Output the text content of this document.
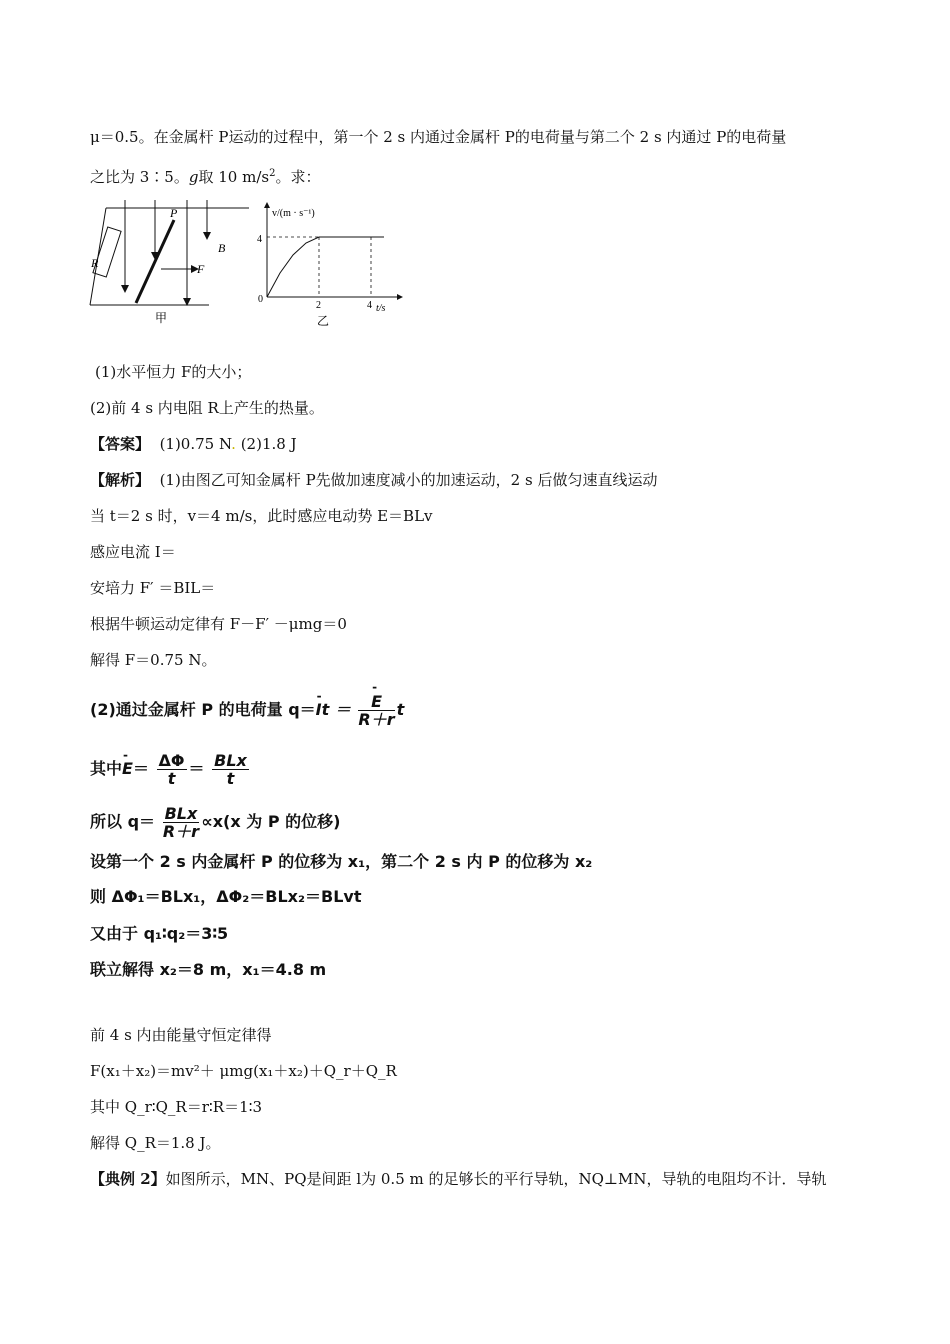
μ＝0.5。在金属杆 P运动的过程中，第一个 2 s 内通过金属杆 P的电荷量与第二个 2 s 内通过 P的电荷量
之比为 3∶5。g取 10 $m/s^2$。求：
P
B
R	F
甲
v/(m · s⁻¹)
t/s
4
0
2	4
乙
(1)水平恒力 F的大小；
(2)前 4 s 内电阻 R上产生的热量。
【答案】 (1)0.75 N. (2)1.8 J
【解析】 (1)由图乙可知金属杆 P先做加速度减小的加速运动，2 s 后做匀速直线运动
当 t＝2 s 时，v＝4 m/s，此时感应电动势 E＝BLv
感应电流 I＝
安培力 F′ ＝BIL＝
根据牛顿运动定律有 F－F′ －μmg＝0
解得 F＝0.75 N。
(2)通过金属杆 P 的电荷量 q＝- It ＝
- $\frac{E}{R+r}$ t
其中- $E= \frac{\Delta\Phi}{t} = \frac{\text{BLx}}{t}$
所以 $q= \frac{\text{BLx}}{R+r} \propto x(x$ 为 P 的位移)
设第一个 2 s 内金属杆 P 的位移为 x₁，第二个 2 s 内 P 的位移为 x₂
则 ΔΦ₁＝BLx₁，ΔΦ₂＝BLx₂＝BLvt
又由于 q₁∶q₂＝3∶5
联立解得 x₂＝8 m，x₁＝4.8 m
前 4 s 内由能量守恒定律得
F(x₁＋x₂)＝mv²＋ μmg(x₁＋x₂)＋Q_r＋Q_R
其中 Q_r∶Q_R＝r∶R＝1∶3
解得 Q_R＝1.8 J。
【典例 2】如图所示，MN、PQ是间距 l为 0.5 m 的足够长的平行导轨，NQ⊥MN，导轨的电阻均不计．导轨
